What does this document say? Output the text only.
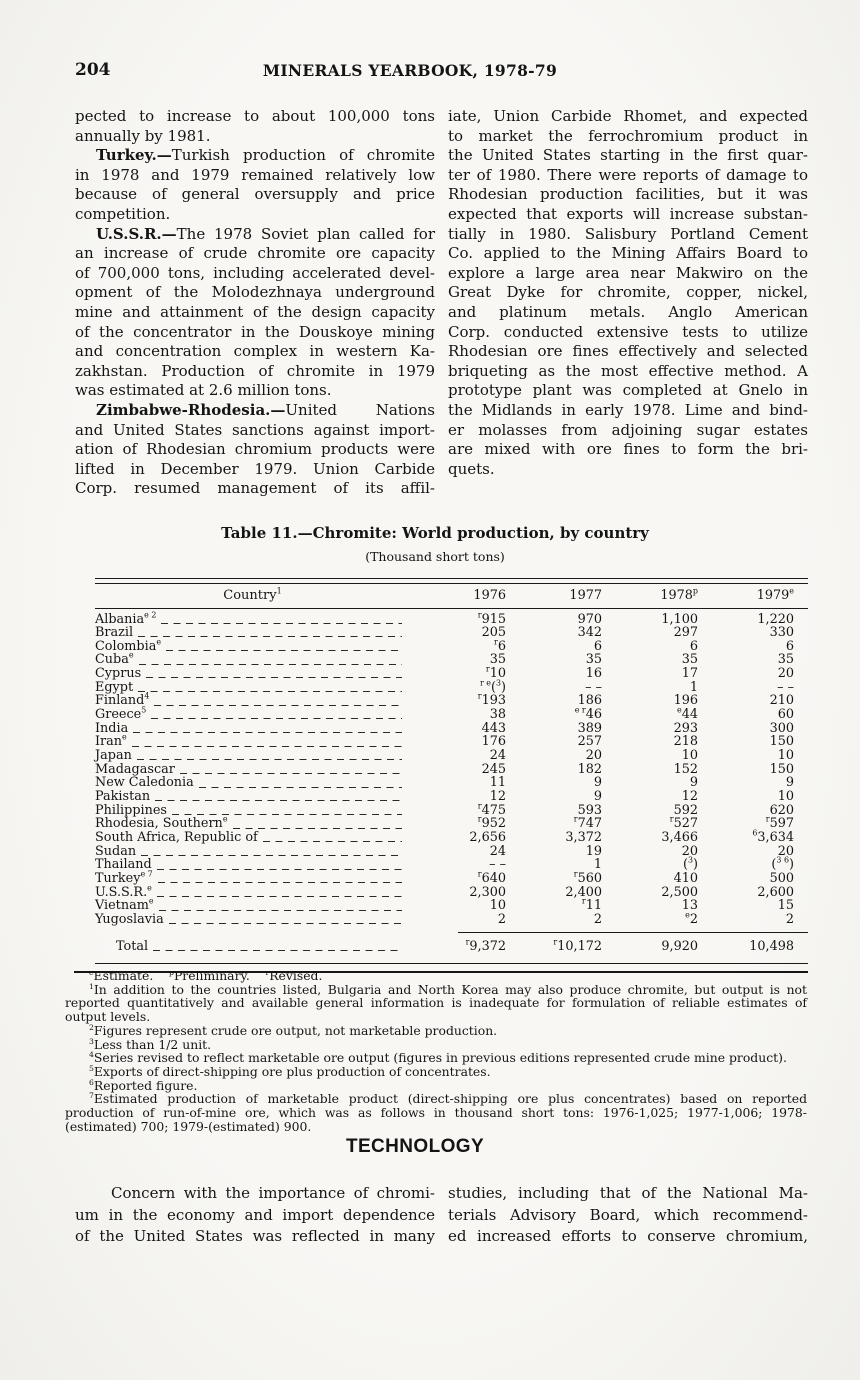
204	MINERALS YEARBOOK, 1978-79
pected to increase to about 100,000 tons
annually by 1981.
Turkey.—Turkish production of chromite
in 1978 and 1979 remained relatively low
because of general oversupply and price
competition.
U.S.S.R.—The 1978 Soviet plan called for
an increase of crude chromite ore capacity
of 700,000 tons, including accelerated devel-
opment of the Molodezhnaya underground
mine and attainment of the design capacity
of the concentrator in the Douskoye mining
and concentration complex in western Ka-
zakhstan. Production of chromite in 1979
was estimated at 2.6 million tons.
Zimbabwe-Rhodesia.—United Nations
and United States sanctions against import-
ation of Rhodesian chromium products were
lifted in December 1979. Union Carbide
Corp. resumed management of its affil-
iate, Union Carbide Rhomet, and expected
to market the ferrochromium product in
the United States starting in the first quar-
ter of 1980. There were reports of damage to
Rhodesian production facilities, but it was
expected that exports will increase substan-
tially in 1980. Salisbury Portland Cement
Co. applied to the Mining Affairs Board to
explore a large area near Makwiro on the
Great Dyke for chromite, copper, nickel,
and platinum metals. Anglo American
Corp. conducted extensive tests to utilize
Rhodesian ore fines effectively and selected
briqueting as the most effective method. A
prototype plant was completed at Gnelo in
the Midlands in early 1978. Lime and bind-
er molasses from adjoining sugar estates
are mixed with ore fines to form the bri-
quets.
Table 11.—Chromite: World production, by country
(Thousand short tons)
Country$^1$	1976	1977	1978$^p$	1979e
Albania$^{e 2}$	$^r$915	970	1,100	1,220
Brazil	205	342	297	330
Colombia$^e$	$^r$6	6	6	6
Cuba$^e$	35	35	35	35
Cyprus	$^r$10	16	17	20
Egypt	$^{r e}$($^3$)	– –	1	– –
Finland$^4$	$^r$193	186	196	210
Greece$^5$	38	$^{e r}$46	$^e$44	60
India	443	389	293	300
Iran$^e$	176	257	218	150
Japan	24	20	10	10
Madagascar	245	182	152	150
New Caledonia	11	9	9	9
Pakistan	12	9	12	10
Philippines	$^r$475	593	592	620
Rhodesia, Southern$^e$	$^r$952	$^r$747	$^r$527	$^r$597
South Africa, Republic of	2,656	3,372	3,466	$^6$3,634
Sudan	24	19	20	20
Thailand	– –	1	($^3$)	($^{3 6}$)
Turkey$^{e 7}$	$^r$640	$^r$560	410	500
U.S.S.R.$^e$	2,300	2,400	2,500	2,600
Vietnam$^e$	10	$^r$11	13	15
Yugoslavia	2	2	$^e$2	2
Total	$^r$9,372	$^r$10,172	9,920	10,498
$^e$Estimate.    $^p$Preliminary.    $^r$Revised.
$^1$In addition to the countries listed, Bulgaria and North Korea may also produce chromite, but output is not reported quantitatively and available general information is inadequate for formulation of reliable estimates of output levels.
$^2$Figures represent crude ore output, not marketable production.
$^3$Less than 1/2 unit.
$^4$Series revised to reflect marketable ore output (figures in previous editions represented crude mine product).
$^5$Exports of direct-shipping ore plus production of concentrates.
$^6$Reported figure.
$^7$Estimated production of marketable product (direct-shipping ore plus concentrates) based on reported production of run-of-mine ore, which was as follows in thousand short tons: 1976-1,025; 1977-1,006; 1978-(estimated) 700; 1979-(estimated) 900.
TECHNOLOGY
Concern with the importance of chromi-
um in the economy and import dependence
of the United States was reflected in many
studies, including that of the National Ma-
terials Advisory Board, which recommend-
ed increased efforts to conserve chromium,
